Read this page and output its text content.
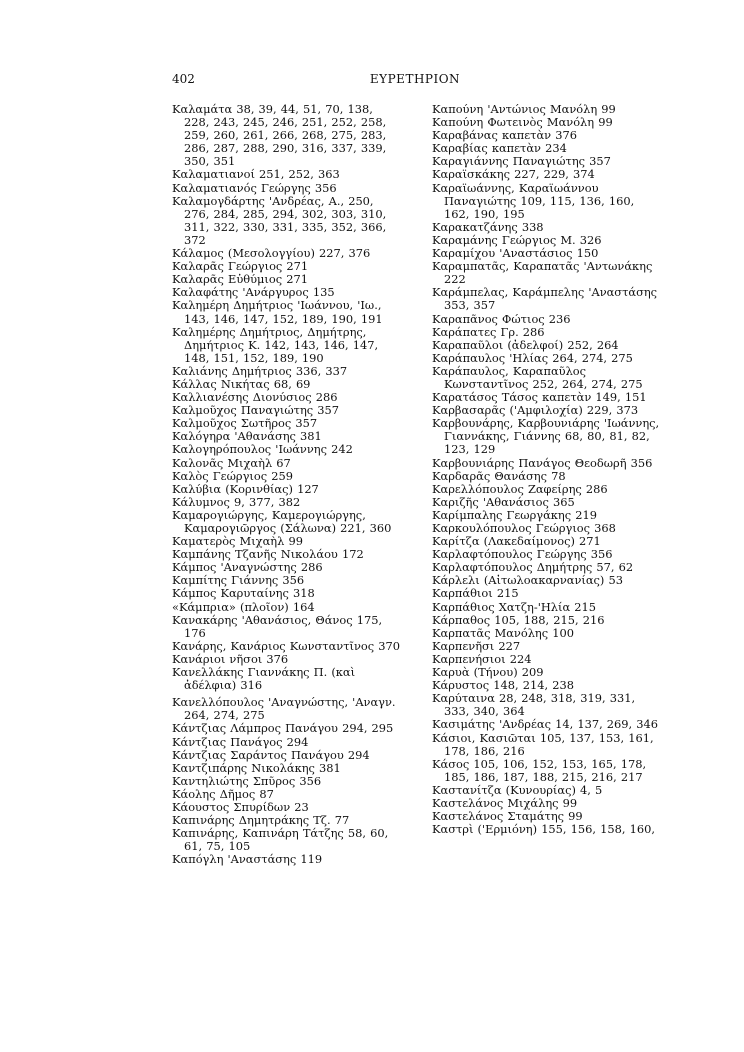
402	ΕΥΡΕΤΗΡΙΟΝ
Καλαμάτα 38, 39, 44, 51, 70, 138, 228, 243, 245, 246, 251, 252, 258, 259, 260, 261, 266, 268, 275, 283, 286, 287, 288, 290, 316, 337, 339, 350, 351
Καλαματιανοί 251, 252, 363
Καλαματιανός Γεώργης 356
Καλαμογδάρτης 'Ανδρέας, Α., 250, 276, 284, 285, 294, 302, 303, 310, 311, 322, 330, 331, 335, 352, 366, 372
Κάλαμος (Μεσολογγίου) 227, 376
Καλαρᾶς Γεώργιος 271
Καλαρᾶς Εὐθύμιος 271
Καλαφάτης 'Ανάργυρος 135
Καλημέρη Δημήτριος 'Ιωάννου, 'Ιω., 143, 146, 147, 152, 189, 190, 191
Καλημέρης Δημήτριος, Δημήτρης, Δημήτριος Κ. 142, 143, 146, 147, 148, 151, 152, 189, 190
Καλιάνης Δημήτριος 336, 337
Κάλλας Νικήτας 68, 69
Καλλιανέσης Διονύσιος 286
Καλμοῦχος Παναγιώτης 357
Καλμοῦχος Σωτῆρος 357
Καλόγηρα 'Αθανάσης 381
Καλογηρόπουλος 'Ιωάννης 242
Καλονᾶς Μιχαὴλ 67
Καλὸς Γεώργιος 259
Καλύβια (Κορινθίας) 127
Κάλυμνος 9, 377, 382
Καμαρογιώργης, Καμερογιώργης, Καμαρογιῶργος (Σάλωνα) 221, 360
Καματερὸς Μιχαὴλ 99
Καμπάνης Τζανῆς Νικολάου 172
Κάμπος 'Αναγνώστης 286
Καμπίτης Γιάννης 356
Κάμπος Καρυταίνης 318
«Κάμπρια» (πλοῖον) 164
Κανακάρης 'Αθανάσιος, Θάνος 175, 176
Κανάρης, Κανάριος Κωνσταντῖνος 370
Κανάριοι νῆσοι 376
Κανελλάκης Γιαννάκης Π. (καὶ ἀδέλφια) 316
Κανελλόπουλος 'Αναγνώστης, 'Αναγν. 264, 274, 275
Κάντζιας Λάμπρος Πανάγου 294, 295
Κάντζιας Πανάγος 294
Κάντζιας Σαράντος Πανάγου 294
Καντζιπάρης Νικολάκης 381
Καντηλιώτης Σπῦρος 356
Κάολης Δῆμος 87
Κάουστος Σπυρίδων 23
Καπινάρης Δημητράκης Τζ. 77
Καπινάρης, Καπινάρη Τάτζης 58, 60, 61, 75, 105
Καπόγλη 'Αναστάσης 119
Καπούνη 'Αντώνιος Μανόλη 99
Καπούνη Φωτεινὸς Μανόλη 99
Καραβάνας καπετὰν 376
Καραβίας καπετὰν 234
Καραγιάννης Παναγιώτης 357
Καραϊσκάκης 227, 229, 374
Καραϊωάννης, Καραϊωάννου Παναγιώτης 109, 115, 136, 160, 162, 190, 195
Καρακατζάνης 338
Καραμάνης Γεώργιος Μ. 326
Καραμίχου 'Αναστάσιος 150
Καραμπατᾶς, Καραπατᾶς 'Αντωνάκης 222
Καράμπελας, Καράμπελης 'Αναστάσης 353, 357
Καραπᾶνος Φώτιος 236
Καράπατες Γρ. 286
Καραπαῦλοι (ἀδελφοί) 252, 264
Καράπαυλος 'Ηλίας 264, 274, 275
Καράπαυλος, Καραπαῦλος Κωνσταντῖνος 252, 264, 274, 275
Καρατάσος Τάσος καπετὰν 149, 151
Καρβασαρᾶς ('Αμφιλοχία) 229, 373
Καρβουνάρης, Καρβουνιάρης 'Ιωάννης, Γιαννάκης, Γιάννης 68, 80, 81, 82, 123, 129
Καρβουνιάρης Πανάγος Θεοδωρῆ 356
Καρδαρᾶς Θανάσης 78
Καρελλόπουλος Ζαφείρης 286
Καριζῆς 'Αθανάσιος 365
Καρίμπαλης Γεωργάκης 219
Καρκουλόπουλος Γεώργιος 368
Καρίτζα (Λακεδαίμονος) 271
Καρλαφτόπουλος Γεώργης 356
Καρλαφτόπουλος Δημήτρης 57, 62
Κάρλελι (Αἰτωλοακαρνανίας) 53
Καρπάθιοι 215
Καρπάθιος Χατζη-'Ηλία 215
Κάρπαθος 105, 188, 215, 216
Καρπατᾶς Μανόλης 100
Καρπενῆσι 227
Καρπενήσιοι 224
Καρυὰ (Τήνου) 209
Κάρυστος 148, 214, 238
Καρύταινα 28, 248, 318, 319, 331, 333, 340, 364
Κασιμάτης 'Ανδρέας 14, 137, 269, 346
Κάσιοι, Κασιῶται 105, 137, 153, 161, 178, 186, 216
Κάσος 105, 106, 152, 153, 165, 178, 185, 186, 187, 188, 215, 216, 217
Καστανίτζα (Κυνουρίας) 4, 5
Καστελάνος Μιχάλης 99
Καστελάνος Σταμάτης 99
Καστρὶ ('Ερμιόνη) 155, 156, 158, 160,
